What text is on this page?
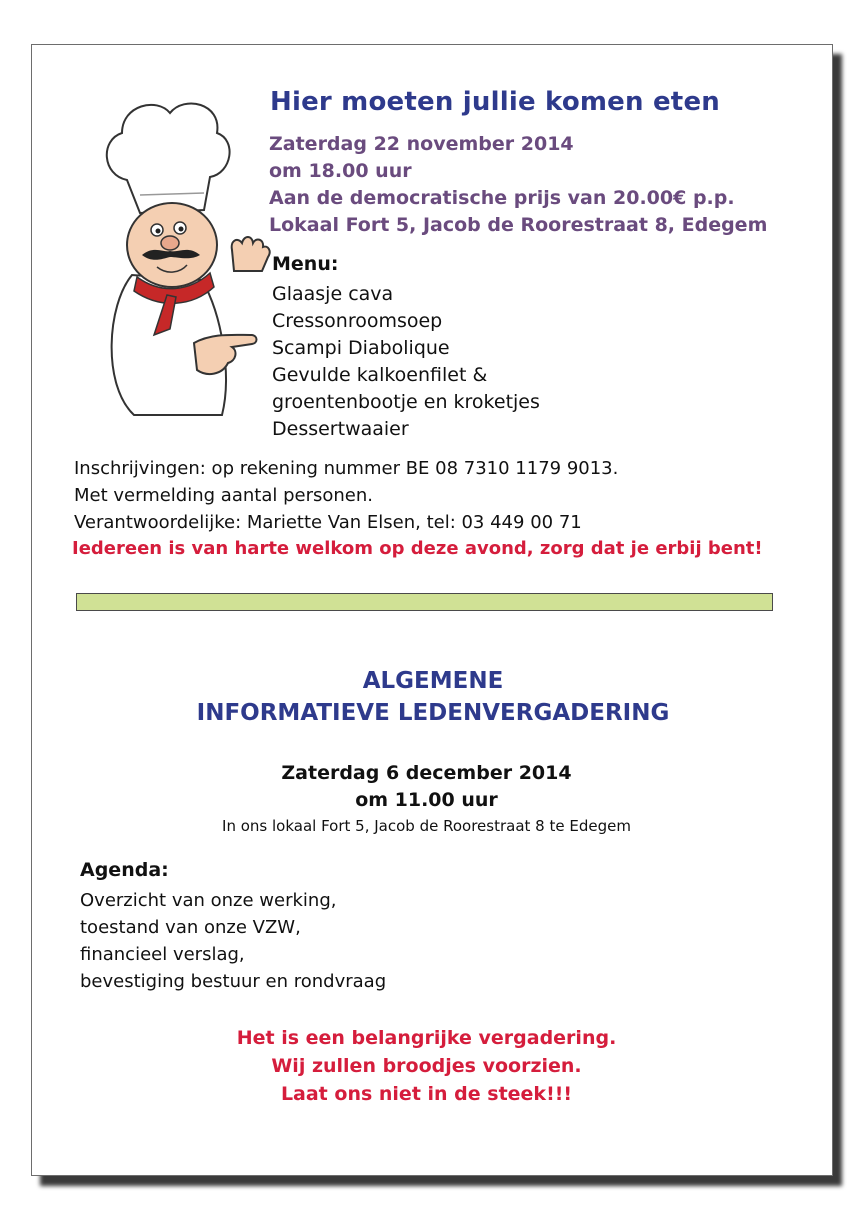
Hier moeten jullie komen eten
Zaterdag 22 november 2014
om 18.00 uur
Aan de democratische prijs van 20.00€ p.p.
Lokaal Fort 5, Jacob de Roorestraat 8, Edegem
Menu:
Glaasje cava
Cressonroomsoep
Scampi Diabolique
Gevulde kalkoenfilet &
groentenbootje en kroketjes
Dessertwaaier
Inschrijvingen: op rekening nummer BE 08 7310 1179 9013.
Met vermelding aantal personen.
Verantwoordelijke: Mariette Van Elsen, tel: 03 449 00 71
Iedereen is van harte welkom op deze avond, zorg dat je erbij bent!
ALGEMENE
INFORMATIEVE LEDENVERGADERING
Zaterdag 6 december 2014
om 11.00 uur
In ons lokaal Fort 5, Jacob de Roorestraat 8 te Edegem
Agenda:
Overzicht van onze werking,
toestand van onze VZW,
financieel verslag,
bevestiging bestuur en rondvraag
Het is een belangrijke vergadering.
Wij zullen broodjes voorzien.
Laat ons niet in de steek!!!
